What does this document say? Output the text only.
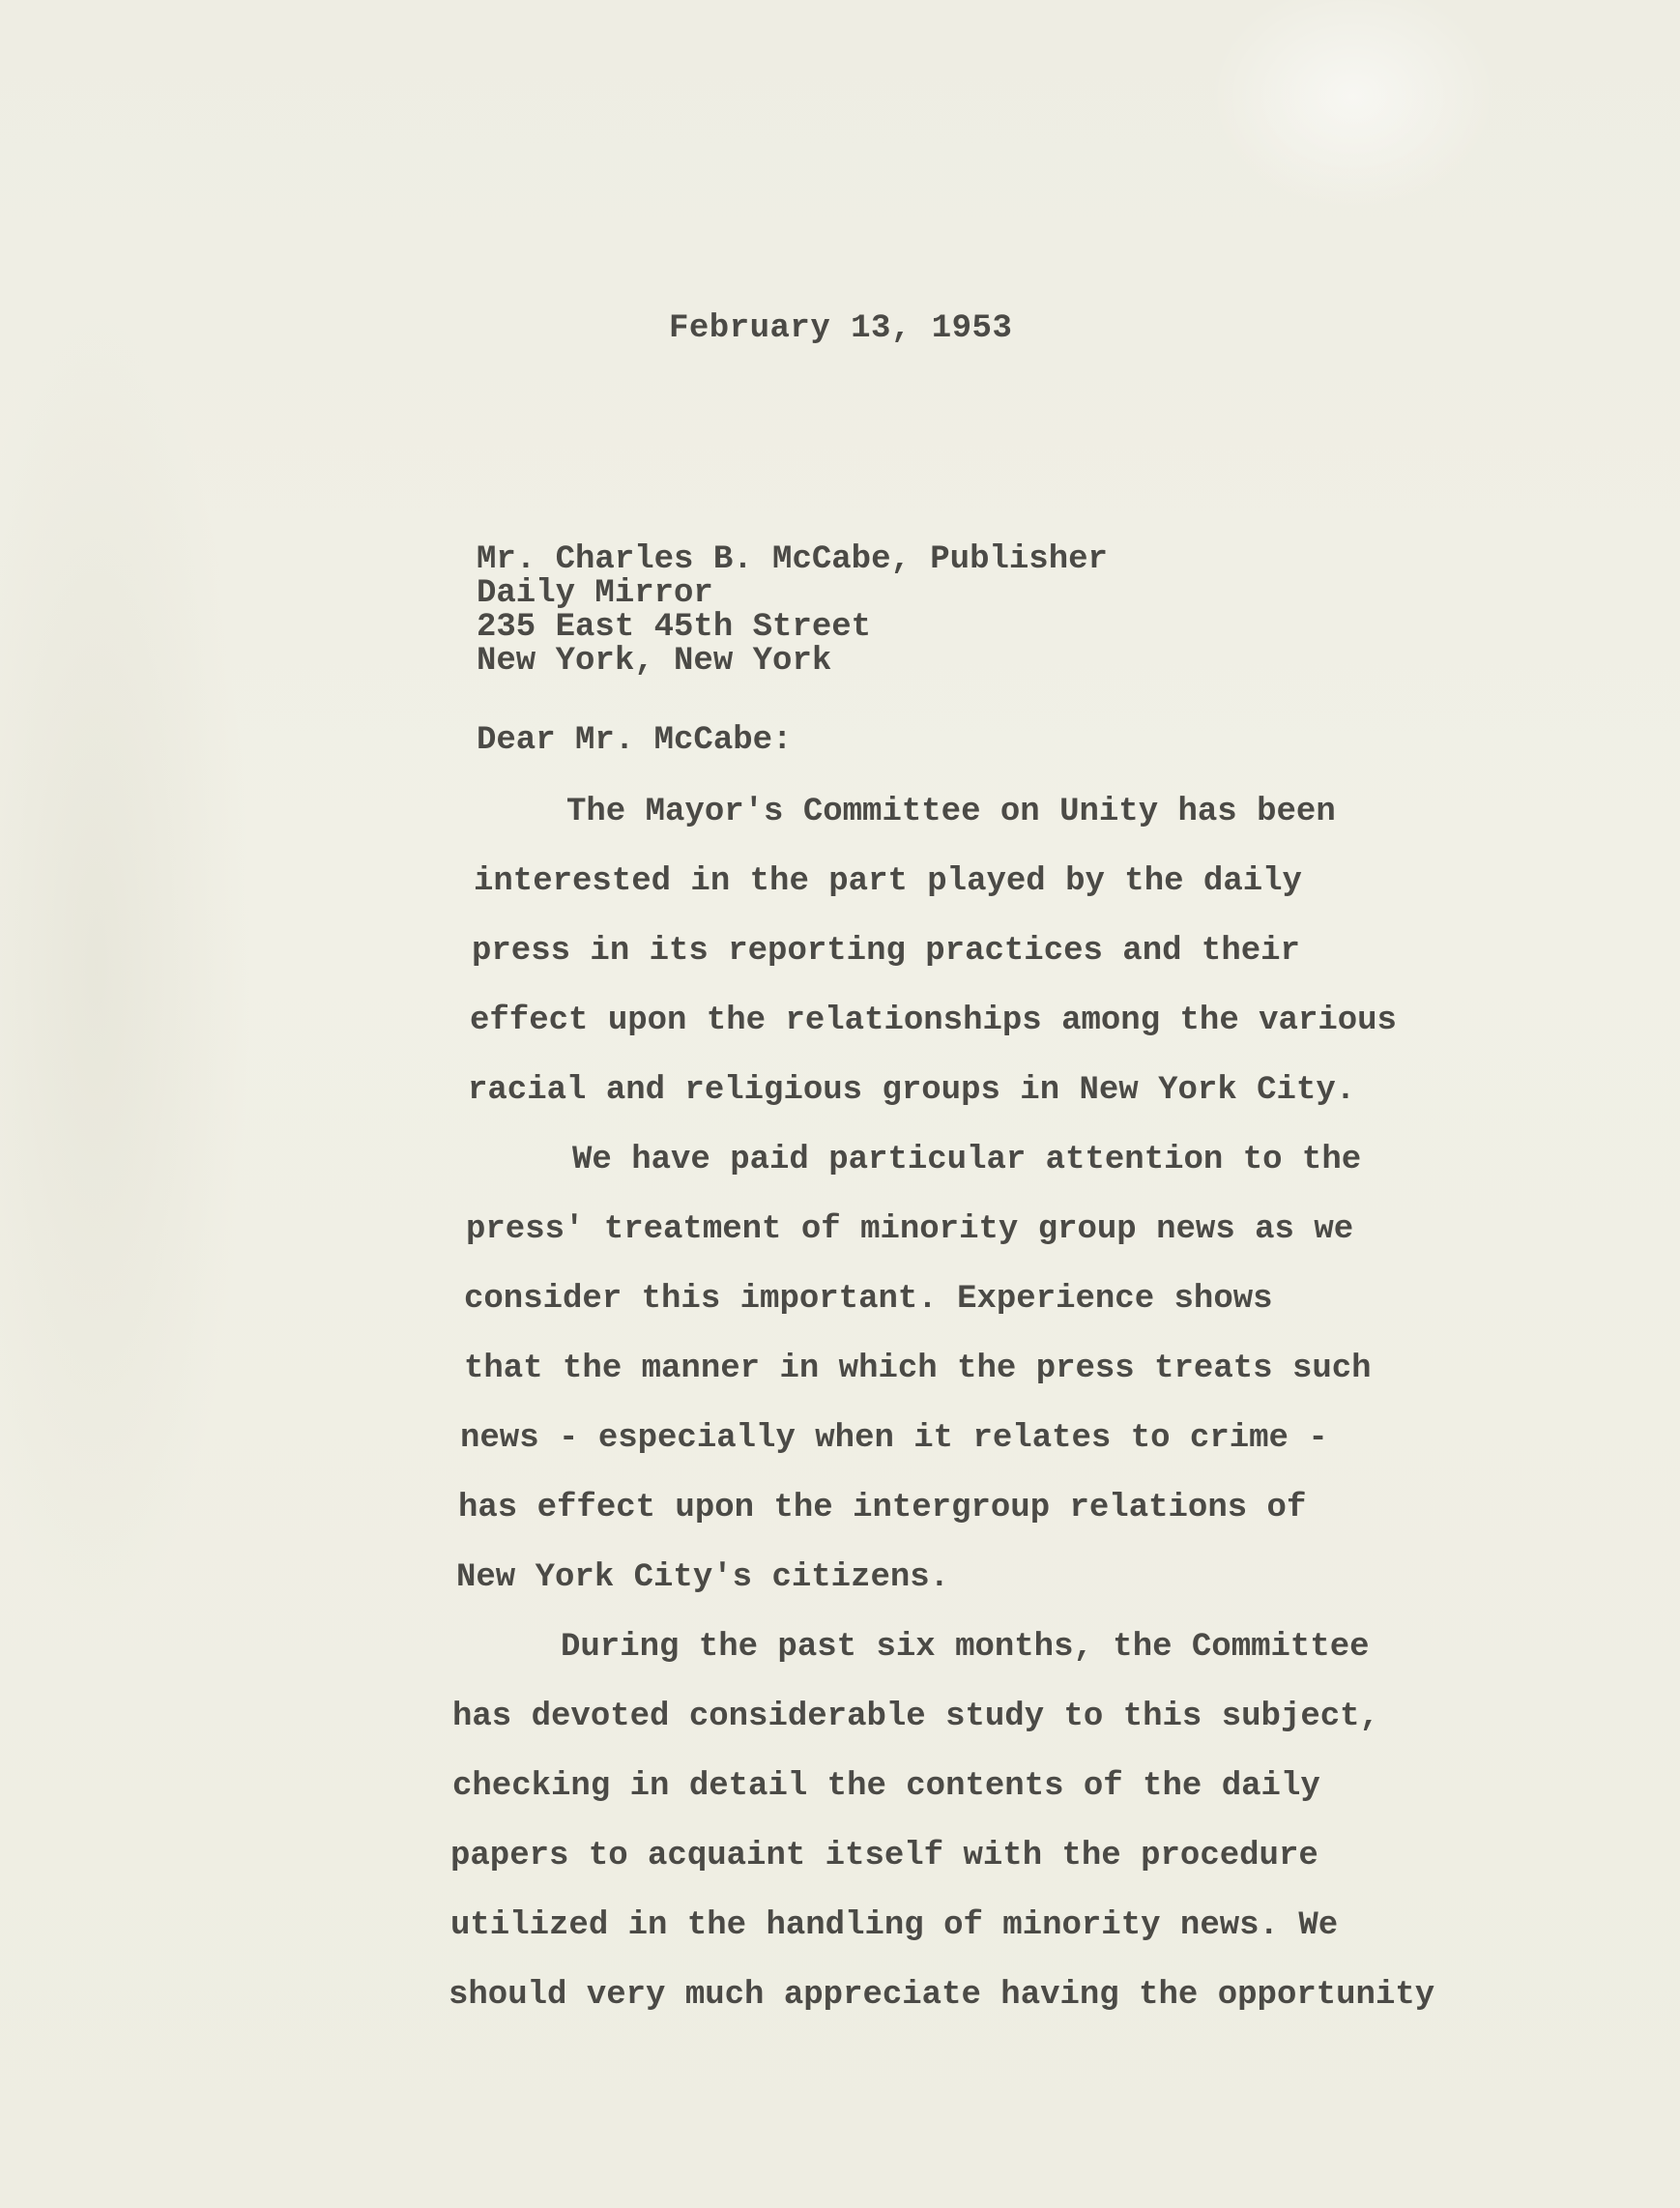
February 13, 1953
Mr. Charles B. McCabe, Publisher
Daily Mirror
235 East 45th Street
New York, New York
Dear Mr. McCabe:
The Mayor's Committee on Unity has been
interested in the part played by the daily
press in its reporting practices and their
effect upon the relationships among the various
racial and religious groups in New York City.
We have paid particular attention to the
press' treatment of minority group news as we
consider this important. Experience shows
that the manner in which the press treats such
news - especially when it relates to crime -
has effect upon the intergroup relations of
New York City's citizens.
During the past six months, the Committee
has devoted considerable study to this subject,
checking in detail the contents of the daily
papers to acquaint itself with the procedure
utilized in the handling of minority news. We
should very much appreciate having the opportunity
